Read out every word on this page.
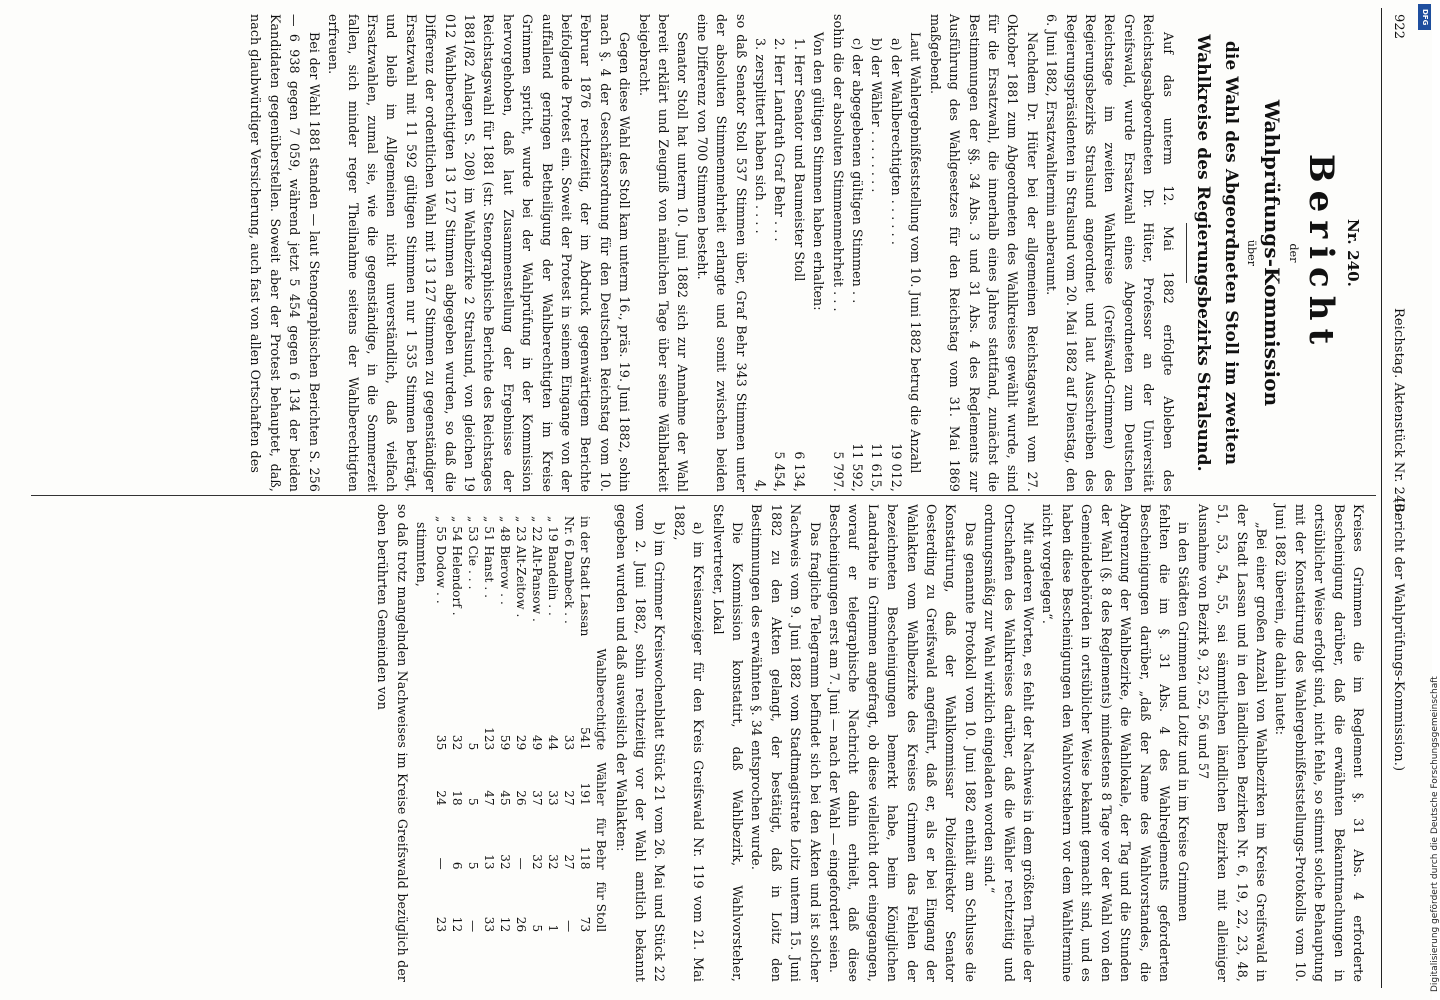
922
Reichstag. Aktenstück Nr. 240.
(Bericht der Wahlprüfungs-Kommission.)
Nr. 240.
Bericht
der
Wahlprüfungs-Kommission
über
die Wahl des Abgeordneten Stoll im zweiten
Wahlkreise des Regierungsbezirks Stralsund.

Auf das unterm 12. Mai 1882 erfolgte Ableben des Reichstagsabgeordneten Dr. Hüter, Professor an der Universität Greifswald, wurde Ersatzwahl eines Abgeordneten zum Deutschen Reichstage im zweiten Wahlkreise (Greifswald-Grimmen) des Regierungsbezirks Stralsund angeordnet und laut Ausschreiben des Regierungspräsidenten in Stralsund vom 20. Mai 1882 auf Dienstag, den 6. Juni 1882, Ersatzwahltermin anberaumt.

Nachdem Dr. Hüter bei der allgemeinen Reichstagswahl vom 27. Oktober 1881 zum Abgeordneten des Wahlkreises gewählt wurde, sind für die Ersatzwahl, die innerhalb eines Jahres stattfand, zunächst die Bestimmungen der §§. 34 Abs. 3 und 31 Abs. 4 des Reglements zur Ausführung des Wahlgesetzes für den Reichstag vom 31. Mai 1869 maßgebend.

Laut Wahlergebnißfeststellung vom 10. Juni 1882 betrug die Anzahl

a) der Wahlberechtigten . . . . . .
19 012,
b) der Wähler . . . . . . . .
11 615,
c) der abgegebenen gültigen Stimmen . .
11 592,
sohin die der absoluten Stimmenmehrheit . . .
5 797.

Von den gültigen Stimmen haben erhalten:

1. Herr Senator und Baumeister Stoll
6 134,
2. Herr Landrath Graf Behr . . .
5 454,
3. zersplittert haben sich . . . .
4,

so daß Senator Stoll 537 Stimmen über, Graf Behr 343 Stimmen unter der absoluten Stimmenmehrheit erlangte und somit zwischen beiden eine Differenz von 700 Stimmen besteht.

Senator Stoll hat unterm 10. Juni 1882 sich zur Annahme der Wahl bereit erklärt und Zeugniß von nämlichen Tage über seine Wählbarkeit beigebracht.

Gegen diese Wahl des Stoll kam unterm 16., präs. 19. Juni 1882, sohin nach §. 4 der Geschäftsordnung für den Deutschen Reichstag vom 10. Februar 1876 rechtzeitig, der im Abdruck gegenwärtigem Berichte beifolgende Protest ein. Soweit der Protest in seinem Eingange von der auffallend geringen Betheiligung der Wahlberechtigten im Kreise Grimmen spricht, wurde bei der Wahlprüfung in der Kommission hervorgehoben, daß laut Zusammenstellung der Ergebnisse der Reichstagswahl für 1881 (str. Stenographische Berichte des Reichstages 1881/82 Anlagen S. 208) im Wahlbezirke 2 Stralsund, von gleichen 19 012 Wahlberechtigten 13 127 Stimmen abgegeben wurden, so daß die Differenz der ordentlichen Wahl mit 13 127 Stimmen zu gegenständiger Ersatzwahl mit 11 592 gültigen Stimmen nur 1 535 Stimmen beträgt, und bleib im Allgemeinen nicht unverständlich, daß vielfach Ersatzwahlen, zumal sie, wie die gegenständige, in die Sommerzeit fallen, sich minder reger Theilnahme seitens der Wahlberechtigten erfreuen.

Bei der Wahl 1881 standen — laut Stenographischen Berichten S. 256 — 6 938 gegen 7 059, während jetzt 5 454 gegen 6 134 der beiden Kandidaten gegenüberstellen. Soweit aber der Protest behauptet, daß, nach glaubwürdiger Versicherung, auch fast von allen Ortschaften des

Kreises Grimmen die im Reglement §. 31 Abs. 4 erforderte Bescheinigung darüber, daß die erwähnten Bekanntmachungen in ortsüblicher Weise erfolgt sind, nicht fehle, so stimmt solche Behauptung mit der Konstatirung des Wahlergebnißfeststellungs-Protokolls vom 10. Juni 1882 überein, die dahin lautet:

„Bei einer großen Anzahl von Wahlbezirken im Kreise Greifswald in der Stadt Lassan und in den ländlichen Bezirken Nr. 6, 19, 22, 23, 48, 51, 53, 54, 55, sai sämmtlichen ländlichen Bezirken mit alleiniger Ausnahme von Bezirk 9, 32, 52, 56 und 57

in den Städten Grimmen und Loitz und in im Kreise Grimmen

fehlten die im §. 31 Abs. 4 des Wahlreglements geforderten Bescheinigungen darüber, „daß der Name des Wahlvorstandes, die Abgrenzung der Wahlbezirke, die Wahllokale, der Tag und die Stunden der Wahl (§. 8 des Reglements) mindestens 8 Tage vor der Wahl von den Gemeindebehörden in ortsüblicher Weise bekannt gemacht sind, und es haben diese Bescheinigungen den Wahlvorstehern vor dem Wahltermine nicht vorgelegen“.

Mit anderen Worten, es fehlt der Nachweis in dem größten Theile der Ortschaften des Wahlkreises darüber, daß die Wähler rechtzeitig und ordnungsmäßig zur Wahl wirklich eingeladen worden sind.“

Das genannte Protokoll vom 10. Juni 1882 enthält am Schlusse die Konstatirung, daß der Wahlkommissar Polizeidirektor Senator Oesterding zu Greifswald angeführt, daß er, als er bei Eingang der Wahlakten vom Wahlbezirke des Kreises Grimmen das Fehlen der bezeichneten Bescheinigungen bemerkt habe, beim Königlichen Landrathe in Grimmen angefragt, ob diese vielleicht dort eingegangen, worauf er telegraphische Nachricht dahin erhielt, daß diese Bescheinigungen erst am 7. Juni — nach der Wahl — eingefordert seien.

Das fragliche Telegramm befindet sich bei den Akten und ist solcher Nachweis vom 9. Juni 1882 vom Stadtmagistrate Loitz unterm 15. Juni 1882 zu den Akten gelangt, der bestätigt, daß in Loitz den Bestimmungen des erwähnten §. 34 entsprochen wurde.

Die Kommission konstatirt, daß Wahlbezirk, Wahlvorsteher, Stellvertreter, Lokal

a) im Kreisanzeiger für den Kreis Greifswald Nr. 119 vom 21. Mai 1882,

b) im Grimmer Kreiswochenblatt Stück 21 vom 26. Mai und Stück 22 vom 2. Juni 1882, sohin rechtzeitig vor der Wahl amtlich bekannt gegeben wurden und daß ausweislich der Wahlakten:

	Wahlberechtigte	Wähler	für Behr	für Stoll
in der Stadt Lassan	541	191	118	73
Nr. 6 Dambeck . .	33	27	27	—
„ 19 Bandelin . .	44	33	32	1
„ 22 Alt-Pansow .	49	37	32	5
„ 23 Alt-Zeitow .	29	26	—	26
„ 48 Bierow . .	59	45	32	12
„ 51 Hanst . .	123	47	13	33
„ 53 Cie . . .	5	5	5	—
„ 54 Helendorf .	32	18	6	12
„ 55 Dodow . .	35	24	—	23

stimmten,

so daß trotz mangelnden Nachweises im Kreise Greifswald bezüglich der oben berührten Gemeinden von

DFG
Digitalisierung gefördert durch die Deutsche Forschungsgemeinschaft
